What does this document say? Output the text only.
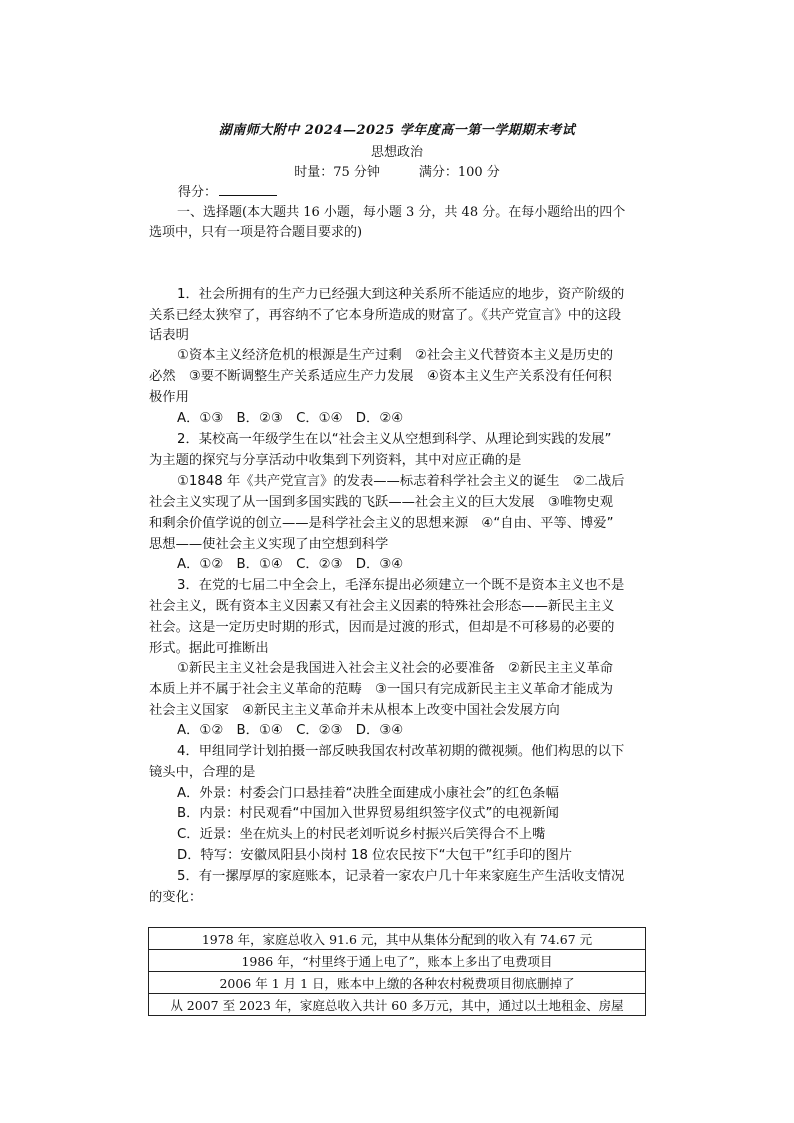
湖南师大附中 2024—2025 学年度高一第一学期期末考试
思想政治
时量：75 分钟　　　满分：100 分
得分：
一、选择题(本大题共 16 小题，每小题 3 分，共 48 分。在每小题给出的四个
选项中，只有一项是符合题目要求的)
1．社会所拥有的生产力已经强大到这种关系所不能适应的地步，资产阶级的
关系已经太狭窄了，再容纳不了它本身所造成的财富了。《共产党宣言》中的这段
话表明
①资本主义经济危机的根源是生产过剩　②社会主义代替资本主义是历史的
必然　③要不断调整生产关系适应生产力发展　④资本主义生产关系没有任何积
极作用
A．①③　B．②③　C．①④　D．②④
2．某校高一年级学生在以“社会主义从空想到科学、从理论到实践的发展”
为主题的探究与分享活动中收集到下列资料，其中对应正确的是
①1848 年《共产党宣言》的发表——标志着科学社会主义的诞生　②二战后
社会主义实现了从一国到多国实践的飞跃——社会主义的巨大发展　③唯物史观
和剩余价值学说的创立——是科学社会主义的思想来源　④“自由、平等、博爱”
思想——使社会主义实现了由空想到科学
A．①②　B．①④　C．②③　D．③④
3．在党的七届二中全会上，毛泽东提出必须建立一个既不是资本主义也不是
社会主义，既有资本主义因素又有社会主义因素的特殊社会形态——新民主主义
社会。这是一定历史时期的形式，因而是过渡的形式，但却是不可移易的必要的
形式。据此可推断出
①新民主主义社会是我国进入社会主义社会的必要准备　②新民主主义革命
本质上并不属于社会主义革命的范畴　③一国只有完成新民主主义革命才能成为
社会主义国家　④新民主主义革命并未从根本上改变中国社会发展方向
A．①②　B．①④　C．②③　D．③④
4．甲组同学计划拍摄一部反映我国农村改革初期的微视频。他们构思的以下
镜头中，合理的是
A．外景：村委会门口悬挂着“决胜全面建成小康社会”的红色条幅
B．内景：村民观看“中国加入世界贸易组织签字仪式”的电视新闻
C．近景：坐在炕头上的村民老刘听说乡村振兴后笑得合不上嘴
D．特写：安徽凤阳县小岗村 18 位农民按下“大包干”红手印的图片
5．有一摞厚厚的家庭账本，记录着一家农户几十年来家庭生产生活收支情况
的变化：
1978 年，家庭总收入 91.6 元，其中从集体分配到的收入有 74.67 元
1986 年，“村里终于通上电了”，账本上多出了电费项目
2006 年 1 月 1 日，账本中上缴的各种农村税费项目彻底删掉了
从 2007 至 2023 年，家庭总收入共计 60 多万元，其中，通过以土地租金、房屋
